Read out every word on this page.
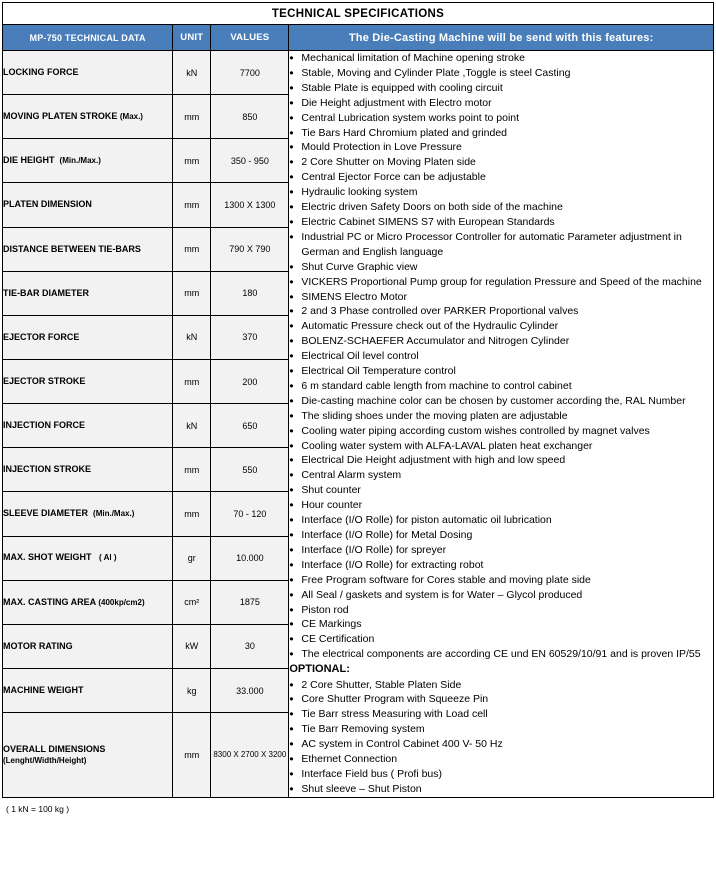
TECHNICAL SPECIFICATIONS			
MP-750 TECHNICAL DATA	UNIT	VALUES	The Die-Casting Machine will be send with this features:
LOCKING FORCE	kN	7700	
• Mechanical limitation of Machine opening stroke
• Stable, Moving and Cylinder Plate ,Toggle is steel Casting
• Stable Plate is equipped with cooling circuit
• Die Height adjustment with Electro motor
• Central Lubrication system works point to point
• Tie Bars Hard Chromium plated and grinded
• Mould Protection in Love Pressure
• 2 Core Shutter on Moving Platen side
• Central Ejector Force can be adjustable
• Hydraulic looking system
• Electric driven Safety Doors on both side of the machine
• Electric Cabinet SIMENS S7 with European Standards
• Industrial PC or Micro Processor Controller for automatic Parameter adjustment in German and English language
• Shut Curve Graphic view
• VICKERS Proportional Pump group for regulation Pressure and Speed of the machine
• SIMENS Electro Motor
• 2 and 3 Phase controlled over PARKER Proportional valves
• Automatic Pressure check out of the Hydraulic Cylinder
• BOLENZ-SCHAEFER Accumulator and Nitrogen Cylinder
• Electrical Oil level control
• Electrical Oil Temperature control
• 6 m standard cable length from machine to control cabinet
• Die-casting machine color can be chosen by customer according the, RAL Number
• The sliding shoes under the moving platen are adjustable
• Cooling water piping according custom wishes controlled by magnet valves
• Cooling water system with ALFA-LAVAL platen heat exchanger
• Electrical Die Height adjustment with high and low speed
• Central Alarm system
• Shut counter
• Hour counter
• Interface (I/O Rolle) for piston automatic oil lubrication
• Interface (I/O Rolle) for Metal Dosing
• Interface (I/O Rolle) for spreyer
• Interface (I/O Rolle) for extracting robot
• Free Program software for Cores stable and moving plate side
• All Seal / gaskets and system is for Water – Glycol produced
• Piston rod
• CE Markings
• CE Certification
• The electrical components are according CE und EN 60529/10/91 and is proven IP/55
OPTIONAL:
• 2 Core Shutter, Stable Platen Side
• Core Shutter Program with Squeeze Pin
• Tie Barr stress Measuring with Load cell
• Tie Barr Removing system
• AC system in Control Cabinet 400 V- 50 Hz
• Ethernet Connection
• Interface Field bus ( Profi bus)
• Shut sleeve – Shut Piston

MOVING PLATEN STROKE (Max.)	mm	850	
DIE HEIGHT (Min./Max.)	mm	350 - 950	
PLATEN DIMENSION	mm	1300 X 1300	
DISTANCE BETWEEN TIE-BARS	mm	790 X 790	
TIE-BAR DIAMETER	mm	180	
EJECTOR FORCE	kN	370	
EJECTOR STROKE	mm	200	
INJECTION FORCE	kN	650	
INJECTION STROKE	mm	550	
SLEEVE DIAMETER (Min./Max.)	mm	70 - 120	
MAX. SHOT WEIGHT ( Al )	gr	10.000	
MAX. CASTING AREA (400kp/cm2)	cm²	1875	
MOTOR RATING	kW	30	
MACHINE WEIGHT	kg	33.000	
OVERALL DIMENSIONS
(Lenght/Width/Height)	mm	8300 X 2700 X 3200	
( 1 kN = 100 kg )
